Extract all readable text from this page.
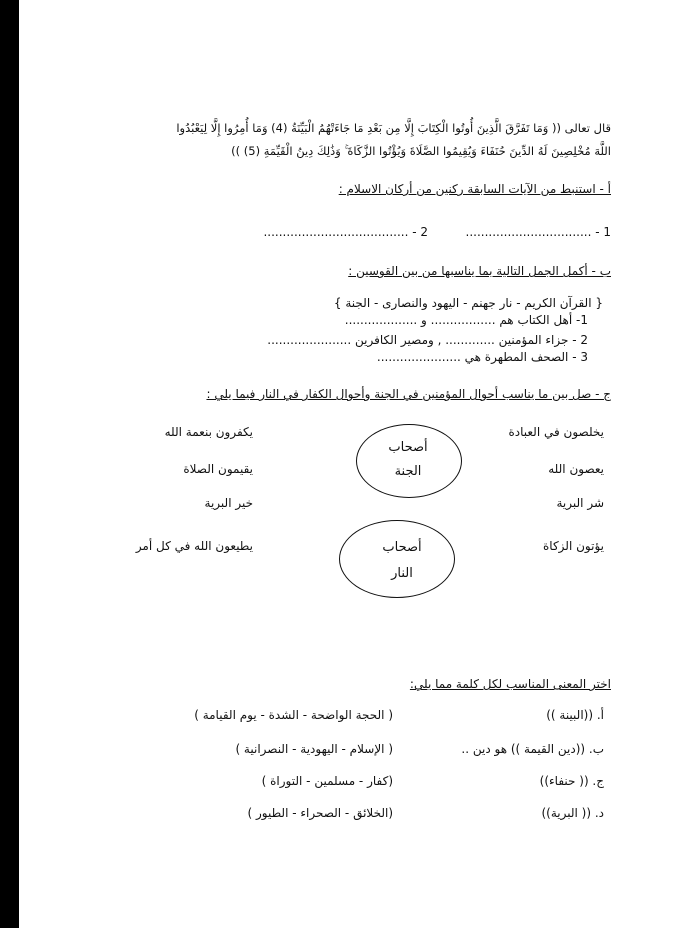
قال تعالى (( وَمَا تَفَرَّقَ الَّذِينَ أُوتُوا الْكِتَابَ إِلَّا مِن بَعْدِ مَا جَاءَتْهُمُ الْبَيِّنَةُ (4) وَمَا أُمِرُوا إِلَّا لِيَعْبُدُوا
اللَّهَ مُخْلِصِينَ لَهُ الدِّينَ حُنَفَاءَ وَيُقِيمُوا الصَّلَاةَ وَيُؤْتُوا الزَّكَاةَ ۚ وَذَٰلِكَ دِينُ الْقَيِّمَةِ (5) ))
أ - استنبط من الآيات السابقة ركنين من أركان الاسلام :
1 - .................................
2 - ......................................
ب - أكمل الجمل التالية بما يناسبها من بين القوسين :
{ القرآن الكريم - نار جهنم - اليهود والنصارى - الجنة }
1- أهل الكتاب هم ................. و ...................
2 - جزاء المؤمنين ............. , ومصير الكافرين ......................
3 - الصحف المطهرة هي ......................
ج - صل بين ما يناسب أحوال المؤمنين في الجنة وأحوال الكفار في النار فيما يلي :
يخلصون في العبادة
يعصون الله
شر البرية
يؤتون الزكاة
يكفرون بنعمة الله
يقيمون الصلاة
خير البرية
يطيعون الله في كل أمر
أصحاب
الجنة
أصحاب
النار
اختر المعنى المناسب لكل كلمة مما يلي:
أ. ((البينة ))
( الحجة الواضحة - الشدة - يوم القيامة )
ب. ((دين القيمة )) هو دين ..
( الإسلام - اليهودية - النصرانية )
ج. (( حنفاء))
(كفار - مسلمين - التوراة )
د. (( البرية))
(الخلائق - الصحراء - الطيور )
